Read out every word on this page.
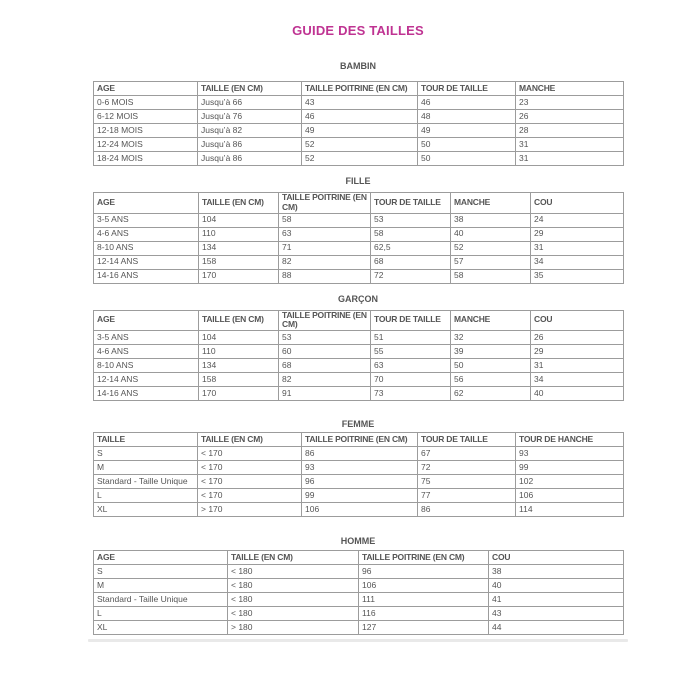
GUIDE DES TAILLES
BAMBIN
AGE	TAILLE (EN CM)	TAILLE POITRINE (EN CM)	TOUR DE TAILLE	MANCHE
0-6 MOIS	Jusqu’à 66	43	46	23
6-12 MOIS	Jusqu’à 76	46	48	26
12-18 MOIS	Jusqu’à 82	49	49	28
12-24 MOIS	Jusqu’à 86	52	50	31
18-24 MOIS	Jusqu’à 86	52	50	31
FILLE
AGE	TAILLE (EN CM)	TAILLE POITRINE (EN CM)	TOUR DE TAILLE	MANCHE	COU
3-5 ANS	104	58	53	38	24
4-6 ANS	110	63	58	40	29
8-10 ANS	134	71	62,5	52	31
12-14 ANS	158	82	68	57	34
14-16 ANS	170	88	72	58	35
GARÇON
AGE	TAILLE (EN CM)	TAILLE POITRINE (EN CM)	TOUR DE TAILLE	MANCHE	COU
3-5 ANS	104	53	51	32	26
4-6 ANS	110	60	55	39	29
8-10 ANS	134	68	63	50	31
12-14 ANS	158	82	70	56	34
14-16 ANS	170	91	73	62	40
FEMME
TAILLE	TAILLE (EN CM)	TAILLE POITRINE (EN CM)	TOUR DE TAILLE	TOUR DE HANCHE
S	< 170	86	67	93
M	< 170	93	72	99
Standard - Taille Unique	< 170	96	75	102
L	< 170	99	77	106
XL	> 170	106	86	114
HOMME
AGE	TAILLE (EN CM)	TAILLE POITRINE (EN CM)	COU
S	< 180	96	38
M	< 180	106	40
Standard - Taille Unique	< 180	111	41
L	< 180	116	43
XL	> 180	127	44
